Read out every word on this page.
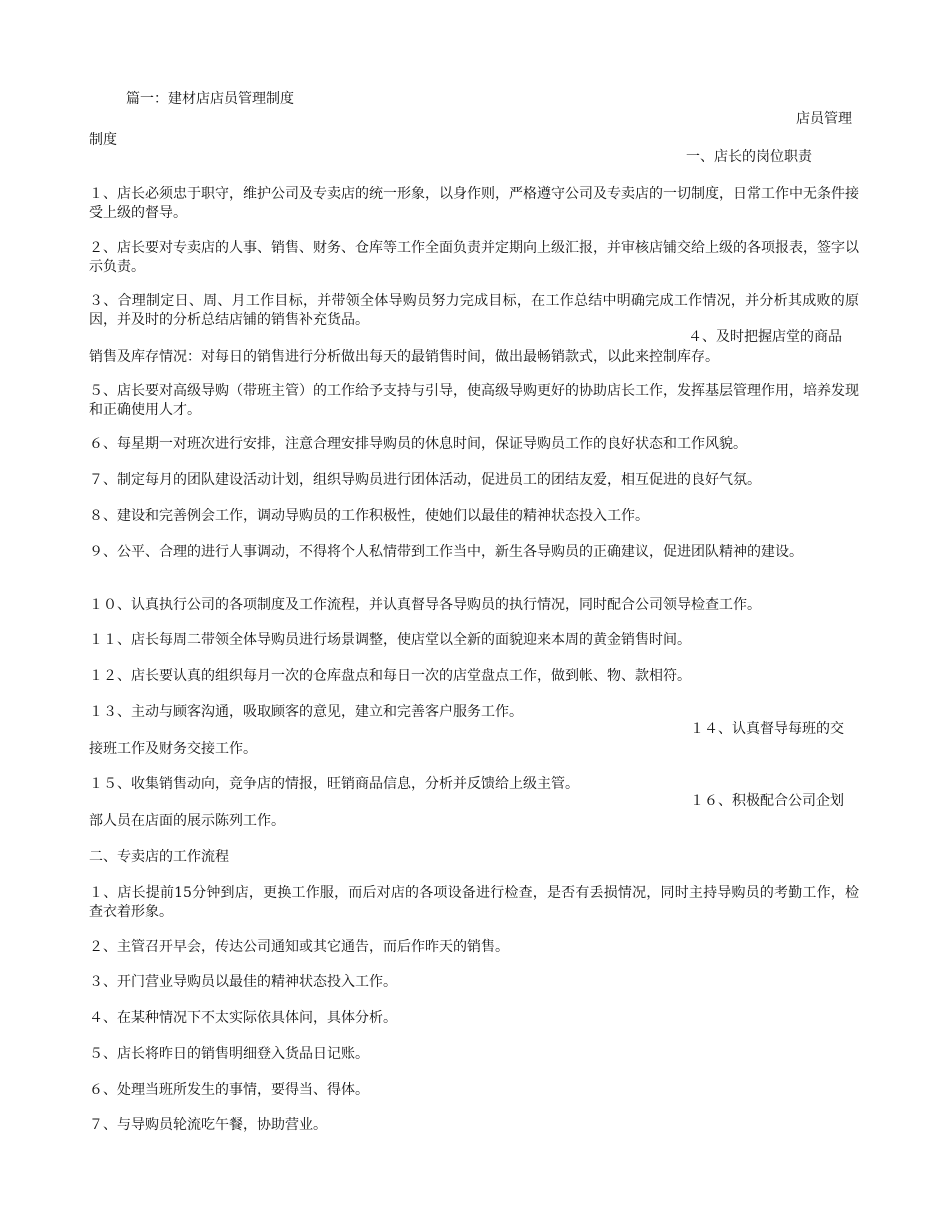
篇一：建材店店员管理制度
店员管理
制度
一、店长的岗位职责
１、店长必须忠于职守，维护公司及专卖店的统一形象，以身作则，严格遵守公司及专卖店的一切制度，日常工作中无条件接受上级的督导。
２、店长要对专卖店的人事、销售、财务、仓库等工作全面负责并定期向上级汇报，并审核店铺交给上级的各项报表，签字以示负责。
３、合理制定日、周、月工作目标，并带领全体导购员努力完成目标，在工作总结中明确完成工作情况，并分析其成败的原因，并及时的分析总结店铺的销售补充货品。
４、及时把握店堂的商品
销售及库存情况：对每日的销售进行分析做出每天的最销售时间，做出最畅销款式，以此来控制库存。
５、店长要对高级导购（带班主管）的工作给予支持与引导，使高级导购更好的协助店长工作，发挥基层管理作用，培养发现和正确使用人才。
６、每星期一对班次进行安排，注意合理安排导购员的休息时间，保证导购员工作的良好状态和工作风貌。
７、制定每月的团队建设活动计划，组织导购员进行团体活动，促进员工的团结友爱，相互促进的良好气氛。
８、建设和完善例会工作，调动导购员的工作积极性，使她们以最佳的精神状态投入工作。
９、公平、合理的进行人事调动，不得将个人私情带到工作当中，新生各导购员的正确建议，促进团队精神的建设。
１０、认真执行公司的各项制度及工作流程，并认真督导各导购员的执行情况，同时配合公司领导检查工作。
１１、店长每周二带领全体导购员进行场景调整，使店堂以全新的面貌迎来本周的黄金销售时间。
１２、店长要认真的组织每月一次的仓库盘点和每日一次的店堂盘点工作，做到帐、物、款相符。
１３、主动与顾客沟通，吸取顾客的意见，建立和完善客户服务工作。
１４、认真督导每班的交
接班工作及财务交接工作。
１５、收集销售动向，竞争店的情报，旺销商品信息，分析并反馈给上级主管。
１６、积极配合公司企划
部人员在店面的展示陈列工作。
二、专卖店的工作流程
１、店长提前15分钟到店，更换工作服，而后对店的各项设备进行检查，是否有丢损情况，同时主持导购员的考勤工作，检查衣着形象。
２、主管召开早会，传达公司通知或其它通告，而后作昨天的销售。
３、开门营业导购员以最佳的精神状态投入工作。
４、在某种情况下不太实际依具体问，具体分析。
５、店长将昨日的销售明细登入货品日记账。
６、处理当班所发生的事情，要得当、得体。
７、与导购员轮流吃午餐，协助营业。
